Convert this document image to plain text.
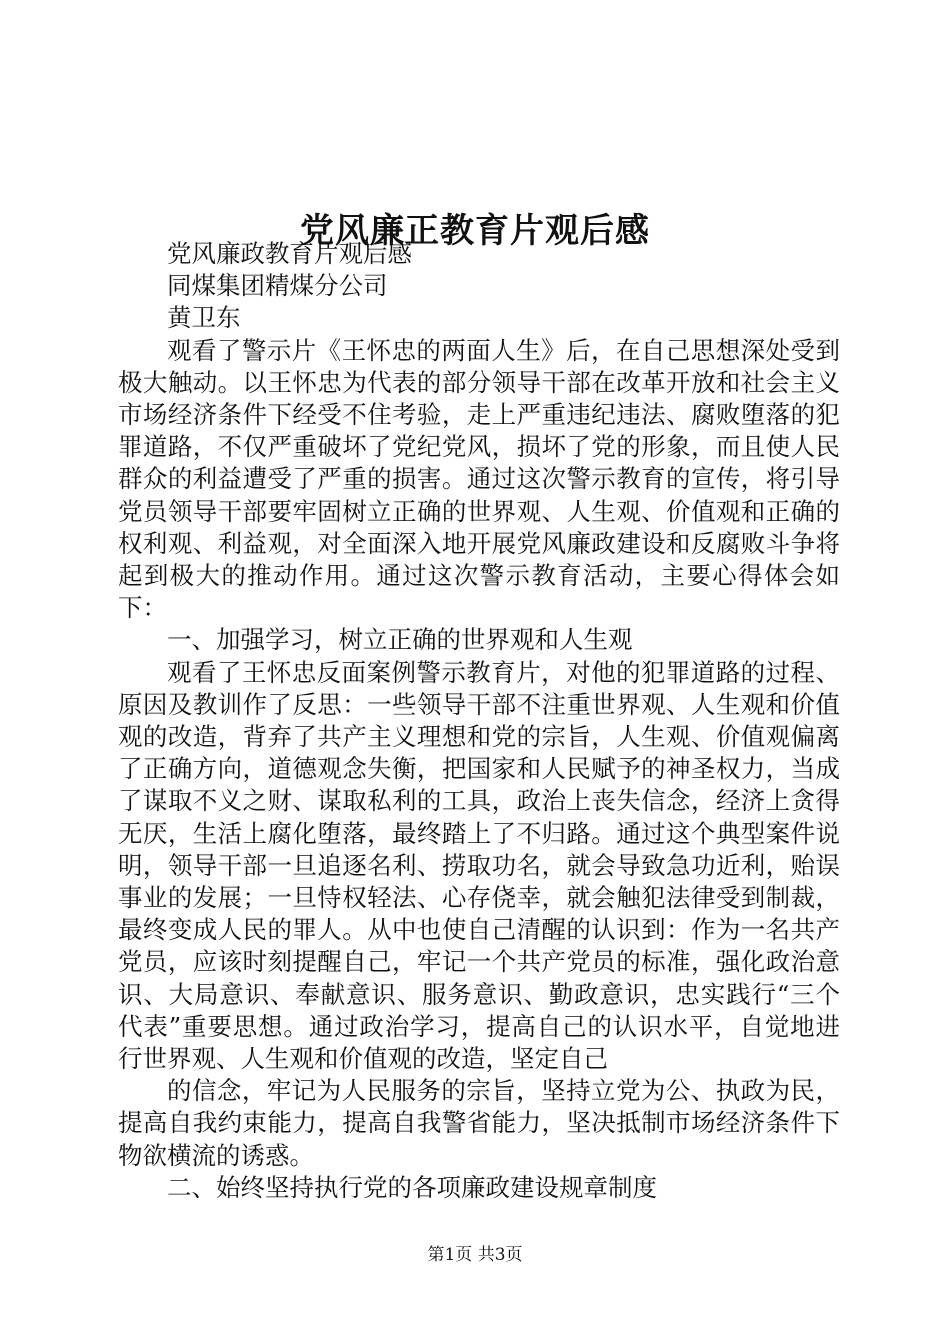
党风廉正教育片观后感

党风廉政教育片观后感

同煤集团精煤分公司

黄卫东

观看了警示片《王怀忠的两面人生》后，在自己思想深处受到极大触动。以王怀忠为代表的部分领导干部在改革开放和社会主义市场经济条件下经受不住考验，走上严重违纪违法、腐败堕落的犯罪道路，不仅严重破坏了党纪党风，损坏了党的形象，而且使人民群众的利益遭受了严重的损害。通过这次警示教育的宣传，将引导党员领导干部要牢固树立正确的世界观、人生观、价值观和正确的权利观、利益观，对全面深入地开展党风廉政建设和反腐败斗争将起到极大的推动作用。通过这次警示教育活动，主要心得体会如下：

一、加强学习，树立正确的世界观和人生观

观看了王怀忠反面案例警示教育片，对他的犯罪道路的过程、原因及教训作了反思：一些领导干部不注重世界观、人生观和价值观的改造，背弃了共产主义理想和党的宗旨，人生观、价值观偏离了正确方向，道德观念失衡，把国家和人民赋予的神圣权力，当成了谋取不义之财、谋取私利的工具，政治上丧失信念，经济上贪得无厌，生活上腐化堕落，最终踏上了不归路。通过这个典型案件说明，领导干部一旦追逐名利、捞取功名，就会导致急功近利，贻误事业的发展；一旦恃权轻法、心存侥幸，就会触犯法律受到制裁，最终变成人民的罪人。从中也使自己清醒的认识到：作为一名共产党员，应该时刻提醒自己，牢记一个共产党员的标准，强化政治意识、大局意识、奉献意识、服务意识、勤政意识，忠实践行“三个代表”重要思想。通过政治学习，提高自己的认识水平，自觉地进行世界观、人生观和价值观的改造，坚定自己

的信念，牢记为人民服务的宗旨，坚持立党为公、执政为民，提高自我约束能力，提高自我警省能力，坚决抵制市场经济条件下物欲横流的诱惑。

二、始终坚持执行党的各项廉政建设规章制度

第1页 共3页
